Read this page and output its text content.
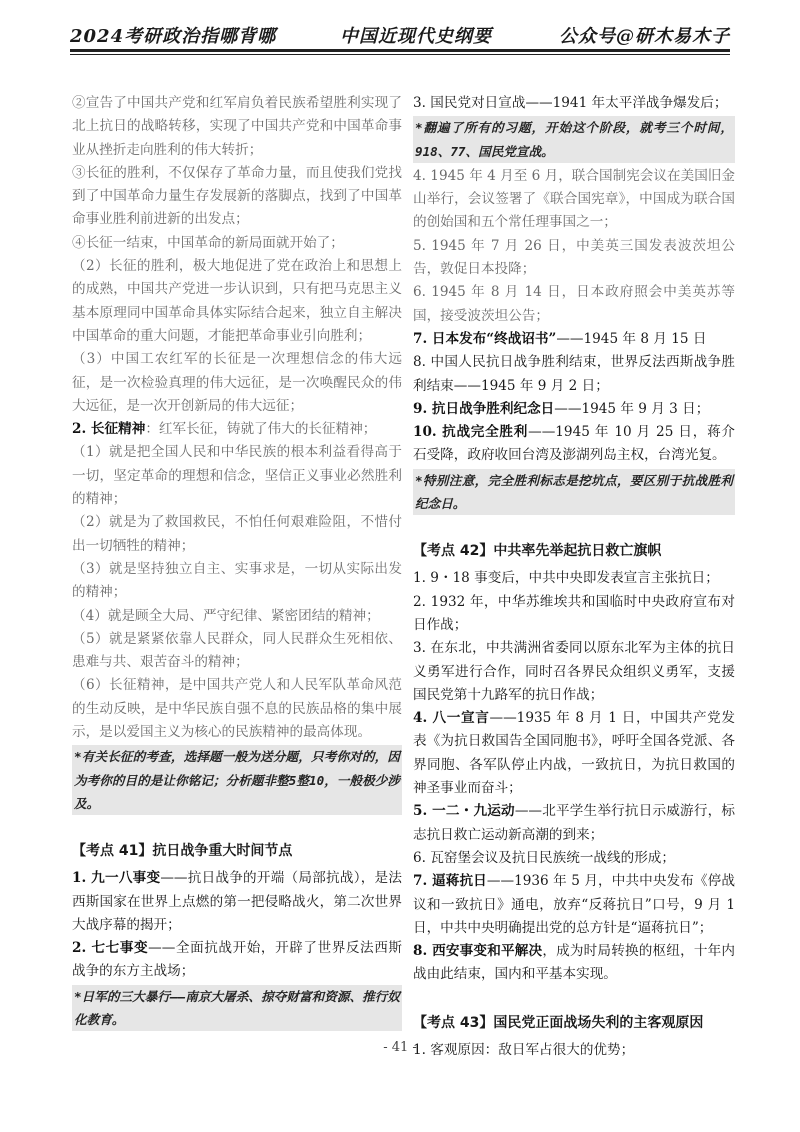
2024考研政治指哪背哪	中国近现代史纲要	公众号@研木易木子

②宣告了中国共产党和红军肩负着民族希望胜利实现了北上抗日的战略转移，实现了中国共产党和中国革命事业从挫折走向胜利的伟大转折；

③长征的胜利，不仅保存了革命力量，而且使我们党找到了中国革命力量生存发展新的落脚点，找到了中国革命事业胜利前进新的出发点；

④长征一结束，中国革命的新局面就开始了；

（2）长征的胜利，极大地促进了党在政治上和思想上的成熟，中国共产党进一步认识到，只有把马克思主义基本原理同中国革命具体实际结合起来，独立自主解决中国革命的重大问题，才能把革命事业引向胜利；

（3）中国工农红军的长征是一次理想信念的伟大远征，是一次检验真理的伟大远征，是一次唤醒民众的伟大远征，是一次开创新局的伟大远征；

2. 长征精神：红军长征，铸就了伟大的长征精神；

（1）就是把全国人民和中华民族的根本利益看得高于一切，坚定革命的理想和信念，坚信正义事业必然胜利的精神；

（2）就是为了救国救民，不怕任何艰难险阻，不惜付出一切牺牲的精神；

（3）就是坚持独立自主、实事求是，一切从实际出发的精神；

（4）就是顾全大局、严守纪律、紧密团结的精神；

（5）就是紧紧依靠人民群众，同人民群众生死相依、患难与共、艰苦奋斗的精神；

（6）长征精神，是中国共产党人和人民军队革命风范的生动反映，是中华民族自强不息的民族品格的集中展示，是以爱国主义为核心的民族精神的最高体现。

*有关长征的考查，选择题一般为送分题，只考你对的，因为考你的目的是让你铭记；分析题非整5整10，一般极少涉及。
【考点 41】抗日战争重大时间节点

1. 九一八事变——抗日战争的开端（局部抗战），是法西斯国家在世界上点燃的第一把侵略战火，第二次世界大战序幕的揭开；

2. 七七事变——全面抗战开始，开辟了世界反法西斯战争的东方主战场；

*日军的三大暴行——南京大屠杀、掠夺财富和资源、推行奴化教育。

3. 国民党对日宣战——1941 年太平洋战争爆发后；

*翻遍了所有的习题，开始这个阶段，就考三个时间，918、77、国民党宣战。

4. 1945 年 4 月至 6 月，联合国制宪会议在美国旧金山举行，会议签署了《联合国宪章》，中国成为联合国的创始国和五个常任理事国之一；

5. 1945 年 7 月 26 日，中美英三国发表波茨坦公告，敦促日本投降；

6. 1945 年 8 月 14 日，日本政府照会中美英苏等国，接受波茨坦公告；

7. 日本发布“终战诏书”——1945 年 8 月 15 日

8. 中国人民抗日战争胜利结束，世界反法西斯战争胜利结束——1945 年 9 月 2 日；

9. 抗日战争胜利纪念日——1945 年 9 月 3 日；

10. 抗战完全胜利——1945 年 10 月 25 日，蒋介石受降，政府收回台湾及澎湖列岛主权，台湾光复。

*特别注意，完全胜利标志是挖坑点，要区别于抗战胜利纪念日。
【考点 42】中共率先举起抗日救亡旗帜

1. 9・18 事变后，中共中央即发表宣言主张抗日；

2. 1932 年，中华苏维埃共和国临时中央政府宣布对日作战；

3. 在东北，中共满洲省委同以原东北军为主体的抗日义勇军进行合作，同时召各界民众组织义勇军，支援国民党第十九路军的抗日作战；

4. 八一宣言——1935 年 8 月 1 日，中国共产党发表《为抗日救国告全国同胞书》，呼吁全国各党派、各界同胞、各军队停止内战，一致抗日，为抗日救国的神圣事业而奋斗；

5. 一二・九运动——北平学生举行抗日示威游行，标志抗日救亡运动新高潮的到来；

6. 瓦窑堡会议及抗日民族统一战线的形成；

7. 逼蒋抗日——1936 年 5 月，中共中央发布《停战议和一致抗日》通电，放弃“反蒋抗日”口号，9 月 1 日，中共中央明确提出党的总方针是“逼蒋抗日”；

8. 西安事变和平解决，成为时局转换的枢纽，十年内战由此结束，国内和平基本实现。

【考点 43】国民党正面战场失利的主客观原因

1. 客观原因：敌日军占很大的优势；

- 41 -
